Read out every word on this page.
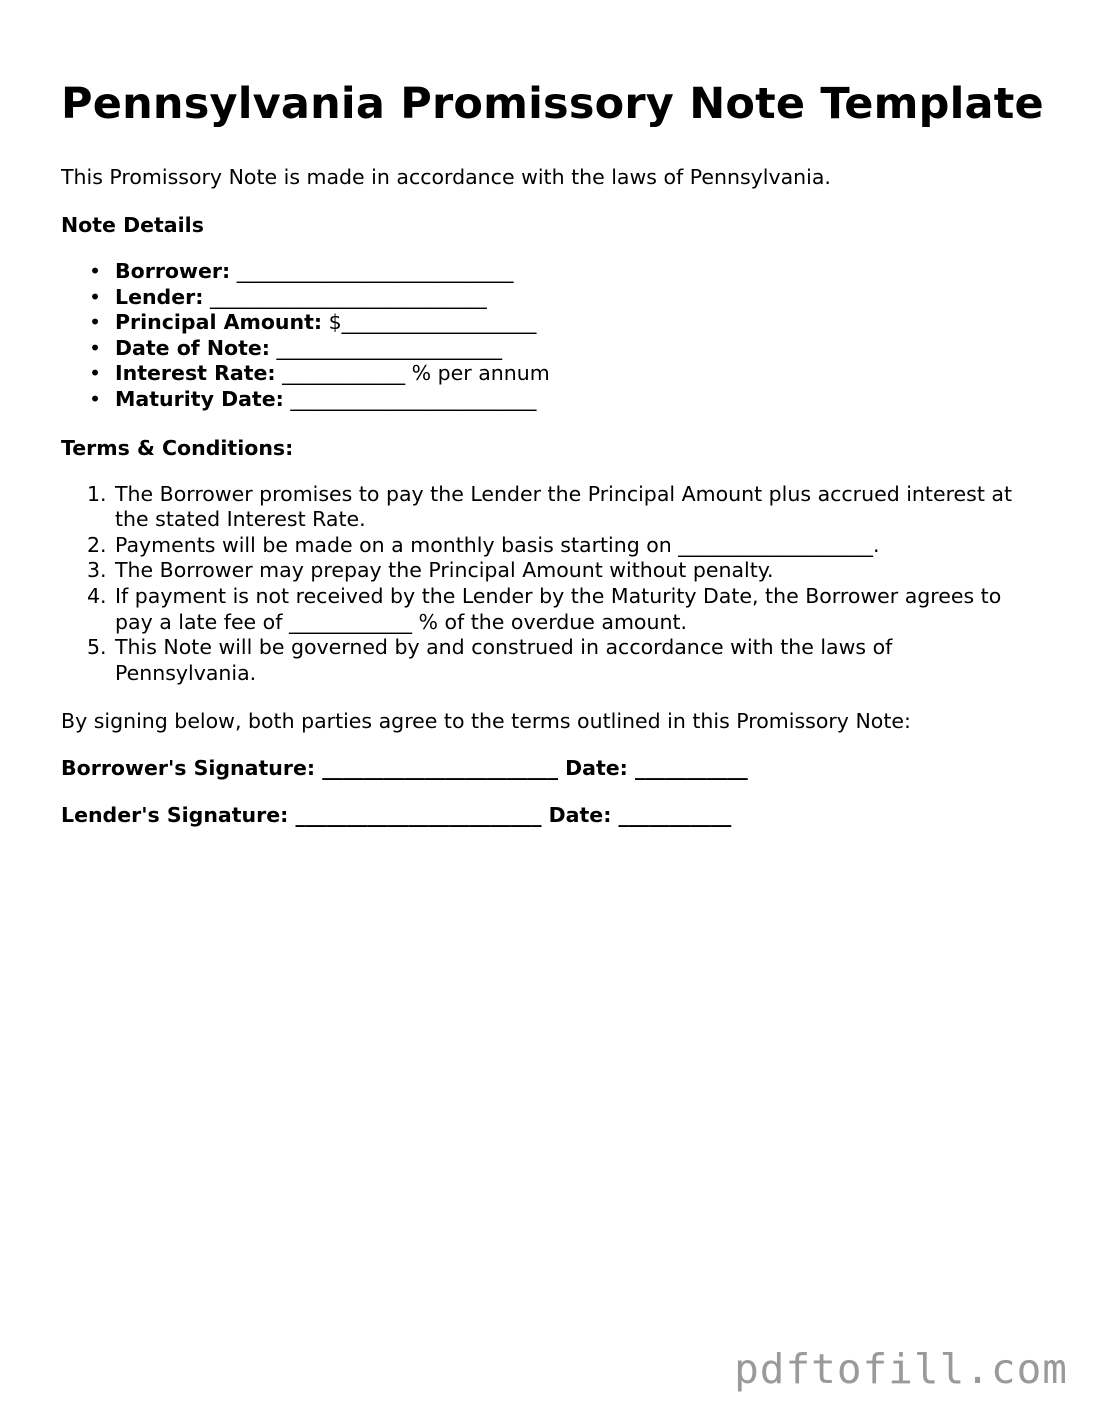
Pennsylvania Promissory Note Template

This Promissory Note is made in accordance with the laws of Pennsylvania.

Note Details

• Borrower: ___________________________
• Lender: ___________________________
• Principal Amount: $___________________
• Date of Note: ______________________
• Interest Rate: ____________ % per annum
• Maturity Date: ________________________

Terms & Conditions:

The Borrower promises to pay the Lender the Principal Amount plus accrued interest at the stated Interest Rate.
Payments will be made on a monthly basis starting on ___________________.
The Borrower may prepay the Principal Amount without penalty.
If payment is not received by the Lender by the Maturity Date, the Borrower agrees to pay a late fee of ____________ % of the overdue amount.
This Note will be governed by and construed in accordance with the laws of Pennsylvania.

By signing below, both parties agree to the terms outlined in this Promissory Note:

Borrower's Signature: _______________________ Date: ___________

Lender's Signature: ________________________ Date: ___________

pdftofill.com
